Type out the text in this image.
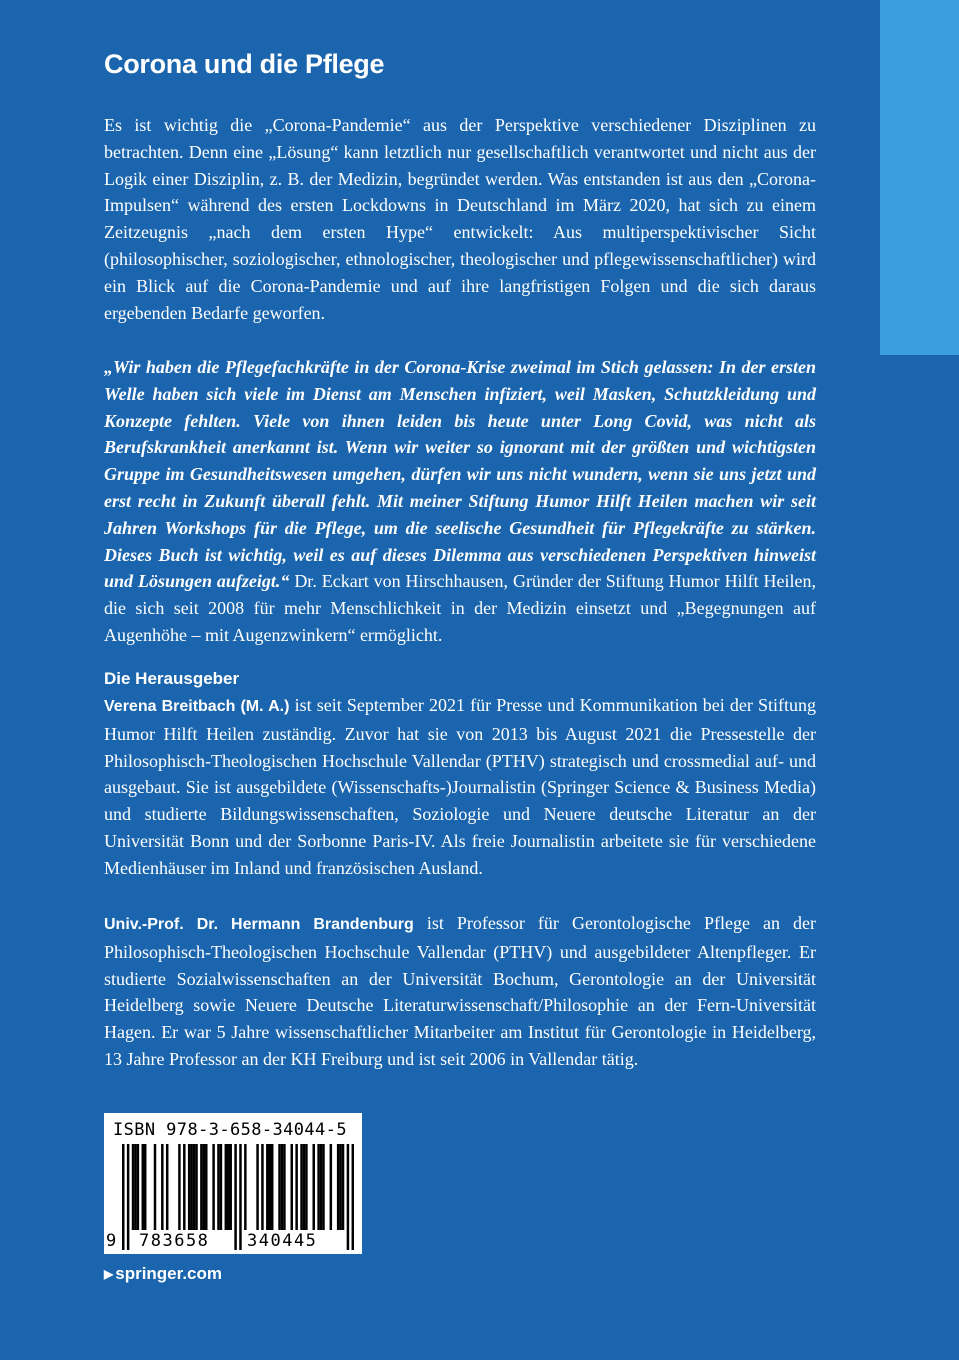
Corona und die Pflege

Es ist wichtig die „Corona-Pandemie“ aus der Perspektive verschiedener Disziplinen zu betrachten. Denn eine „Lösung“ kann letztlich nur gesellschaftlich verantwortet und nicht aus der Logik einer Disziplin, z. B. der Medizin, begründet werden. Was entstanden ist aus den „Corona-Impulsen“ während des ersten Lockdowns in Deutschland im März 2020, hat sich zu einem Zeitzeugnis „nach dem ersten Hype“ entwickelt: Aus multiperspektivischer Sicht (philosophischer, soziologischer, ethnologischer, theologischer und pflegewissenschaftlicher) wird ein Blick auf die Corona-Pandemie und auf ihre langfristigen Folgen und die sich daraus ergebenden Bedarfe geworfen.

„Wir haben die Pflegefachkräfte in der Corona-Krise zweimal im Stich gelassen: In der ersten Welle haben sich viele im Dienst am Menschen infiziert, weil Masken, Schutzkleidung und Konzepte fehlten. Viele von ihnen leiden bis heute unter Long Covid, was nicht als Berufskrankheit anerkannt ist. Wenn wir weiter so ignorant mit der größten und wichtigsten Gruppe im Gesundheitswesen umgehen, dürfen wir uns nicht wundern, wenn sie uns jetzt und erst recht in Zukunft überall fehlt. Mit meiner Stiftung Humor Hilft Heilen machen wir seit Jahren Workshops für die Pflege, um die seelische Gesundheit für Pflegekräfte zu stärken. Dieses Buch ist wichtig, weil es auf dieses Dilemma aus verschiedenen Perspektiven hinweist und Lösungen aufzeigt.“ Dr. Eckart von Hirschhausen, Gründer der Stiftung Humor Hilft Heilen, die sich seit 2008 für mehr Menschlichkeit in der Medizin einsetzt und „Begegnungen auf Augenhöhe – mit Augenzwinkern“ ermöglicht.

Die Herausgeber

Verena Breitbach (M. A.) ist seit September 2021 für Presse und Kommunikation bei der Stiftung Humor Hilft Heilen zuständig. Zuvor hat sie von 2013 bis August 2021 die Pressestelle der Philosophisch-Theologischen Hochschule Vallendar (PTHV) strategisch und crossmedial auf- und ausgebaut. Sie ist ausgebildete (Wissenschafts-)Journalistin (Springer Science & Business Media) und studierte Bildungswissenschaften, Soziologie und Neuere deutsche Literatur an der Universität Bonn und der Sorbonne Paris-IV. Als freie Journalistin arbeitete sie für verschiedene Medienhäuser im Inland und französischen Ausland.

Univ.-Prof. Dr. Hermann Brandenburg ist Professor für Gerontologische Pflege an der Philosophisch-Theologischen Hochschule Vallendar (PTHV) und ausgebildeter Altenpfleger. Er studierte Sozialwissenschaften an der Universität Bochum, Gerontologie an der Universität Heidelberg sowie Neuere Deutsche Literaturwissenschaft/Philosophie an der Fern-Universität Hagen. Er war 5 Jahre wissenschaftlicher Mitarbeiter am Institut für Gerontologie in Heidelberg, 13 Jahre Professor an der KH Freiburg und ist seit 2006 in Vallendar tätig.

ISBN 978-3-658-34044-5
9 783658 340445

▶ springer.com
